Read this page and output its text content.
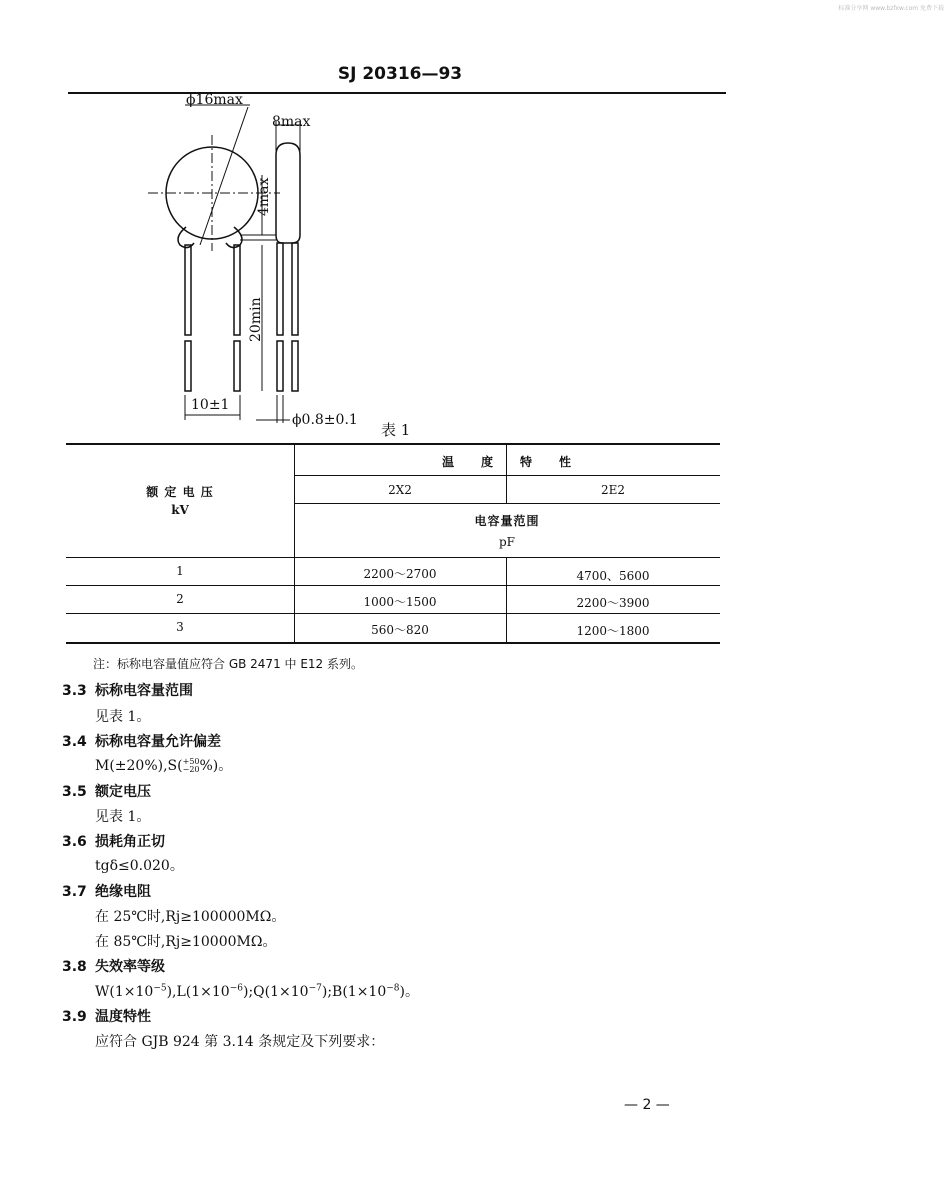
标准分享网 www.bzfxw.com 免费下载
SJ 20316—93
ϕ16max
8max
4max
20min
10±1
ϕ0.8±0.1
表 1
额 定 电 压
kV
温　　度　　特　　性
2X2	2E2
电容量范围
pF
1	2200～2700	4700、5600
2	1000～1500	2200～3900
3	560～820	1200～1800
注：标称电容量值应符合 GB 2471 中 E12 系列。
3.3 标称电容量范围
见表 1。
3.4 标称电容量允许偏差
M(±20%),S( +50
−20 %)。
3.5 额定电压
见表 1。
3.6 损耗角正切
tgδ≤0.020。
3.7 绝缘电阻
在 25℃时,Rj≥100000MΩ。
在 85℃时,Rj≥10000MΩ。
3.8 失效率等级
$W(1\times 10^{-5}),L(1\times 10^{-6});Q(1\times 10^{-7});B(1\times 10^{-8})$。
3.9 温度特性
应符合 GJB 924 第 3.14 条规定及下列要求：
— 2 —
